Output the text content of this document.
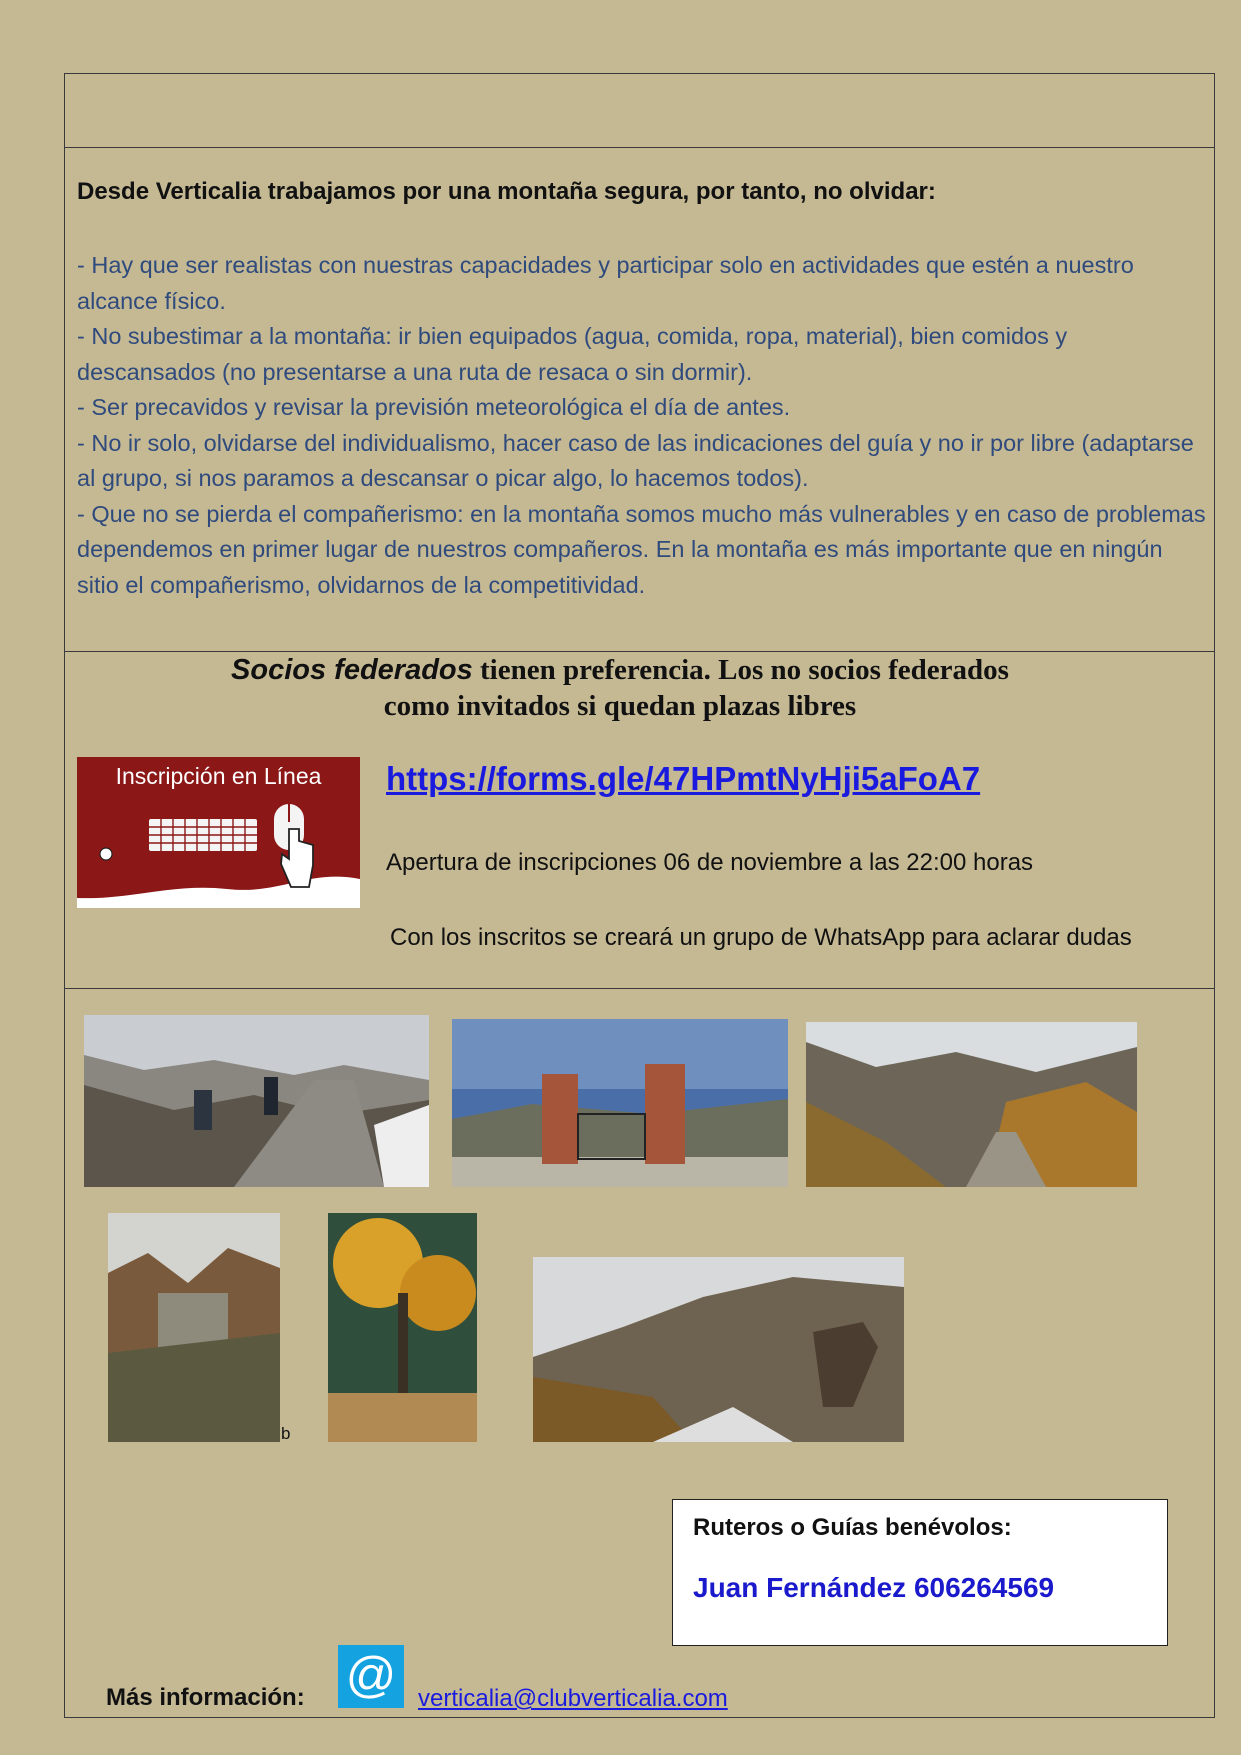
Desde Verticalia trabajamos por una montaña segura, por tanto, no olvidar:
- Hay que ser realistas con nuestras capacidades y participar solo en actividades que estén a nuestro alcance físico.
- No subestimar a la montaña: ir bien equipados (agua, comida, ropa, material), bien comidos y descansados (no presentarse a una ruta de resaca o sin dormir).
- Ser precavidos y revisar la previsión meteorológica el día de antes.
- No ir solo, olvidarse del individualismo, hacer caso de las indicaciones del guía y no ir por libre (adaptarse al grupo, si nos paramos a descansar o picar algo, lo hacemos todos).
- Que no se pierda el compañerismo: en la montaña somos mucho más vulnerables y en caso de problemas dependemos en primer lugar de nuestros compañeros. En la montaña es más importante que en ningún sitio el compañerismo, olvidarnos de la competitividad.
Socios federados tienen preferencia. Los no socios federados
como invitados si quedan plazas libres
Inscripción en Línea	https://forms.gle/47HPmtNyHji5aFoA7
Apertura de inscripciones 06 de noviembre a las 22:00 horas
Con los inscritos se creará un grupo de WhatsApp para aclarar dudas
b
Ruteros o Guías benévolos:
Juan Fernández 606264569
Más información: @ verticalia@clubverticalia.com
